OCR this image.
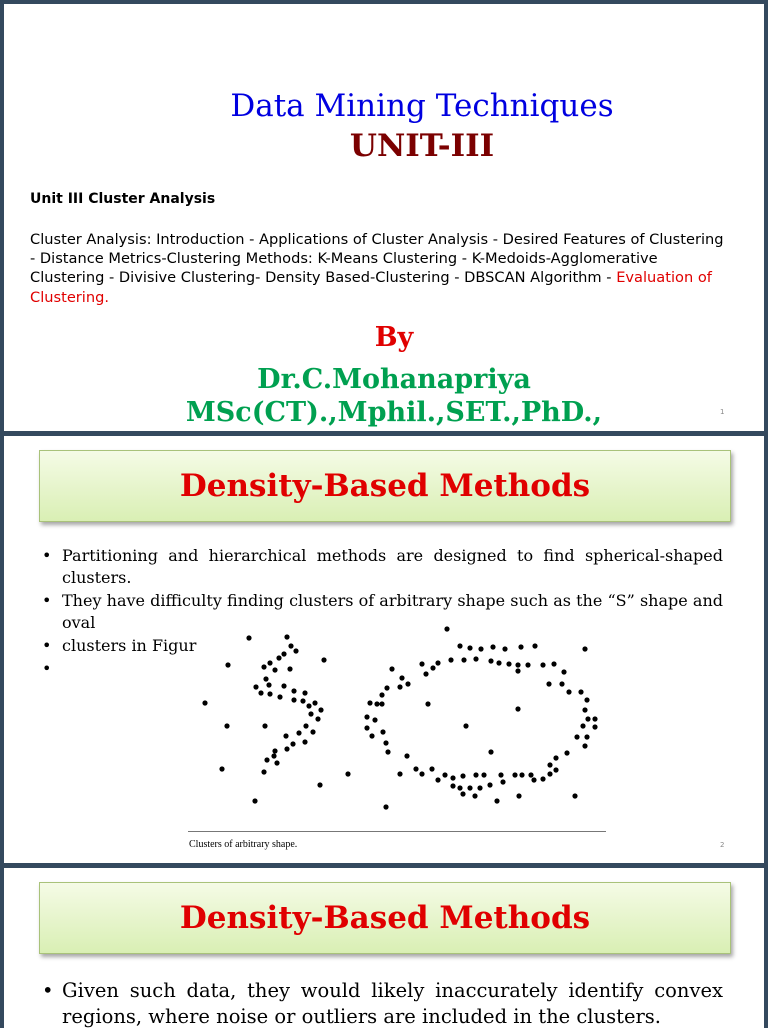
Data Mining Techniques
UNIT-III
Unit III Cluster Analysis
Cluster Analysis: Introduction - Applications of Cluster Analysis - Desired Features of Clustering - Distance Metrics-Clustering Methods: K-Means Clustering - K-Medoids-Agglomerative Clustering - Divisive Clustering- Density Based-Clustering - DBSCAN Algorithm - Evaluation of Clustering.
By
Dr.C.Mohanapriya
MSc(CT).,Mphil.,SET.,PhD.,	1
Density-Based Methods
• Partitioning and hierarchical methods are designed to find spherical-shaped clusters.
• They have difficulty finding clusters of arbitrary shape such as the “S” shape and oval
• clusters in Figur
•
Clusters of arbitrary shape.	2
Density-Based Methods
• Given such data, they would likely inaccurately identify convex regions, where noise or outliers are included in the clusters.
